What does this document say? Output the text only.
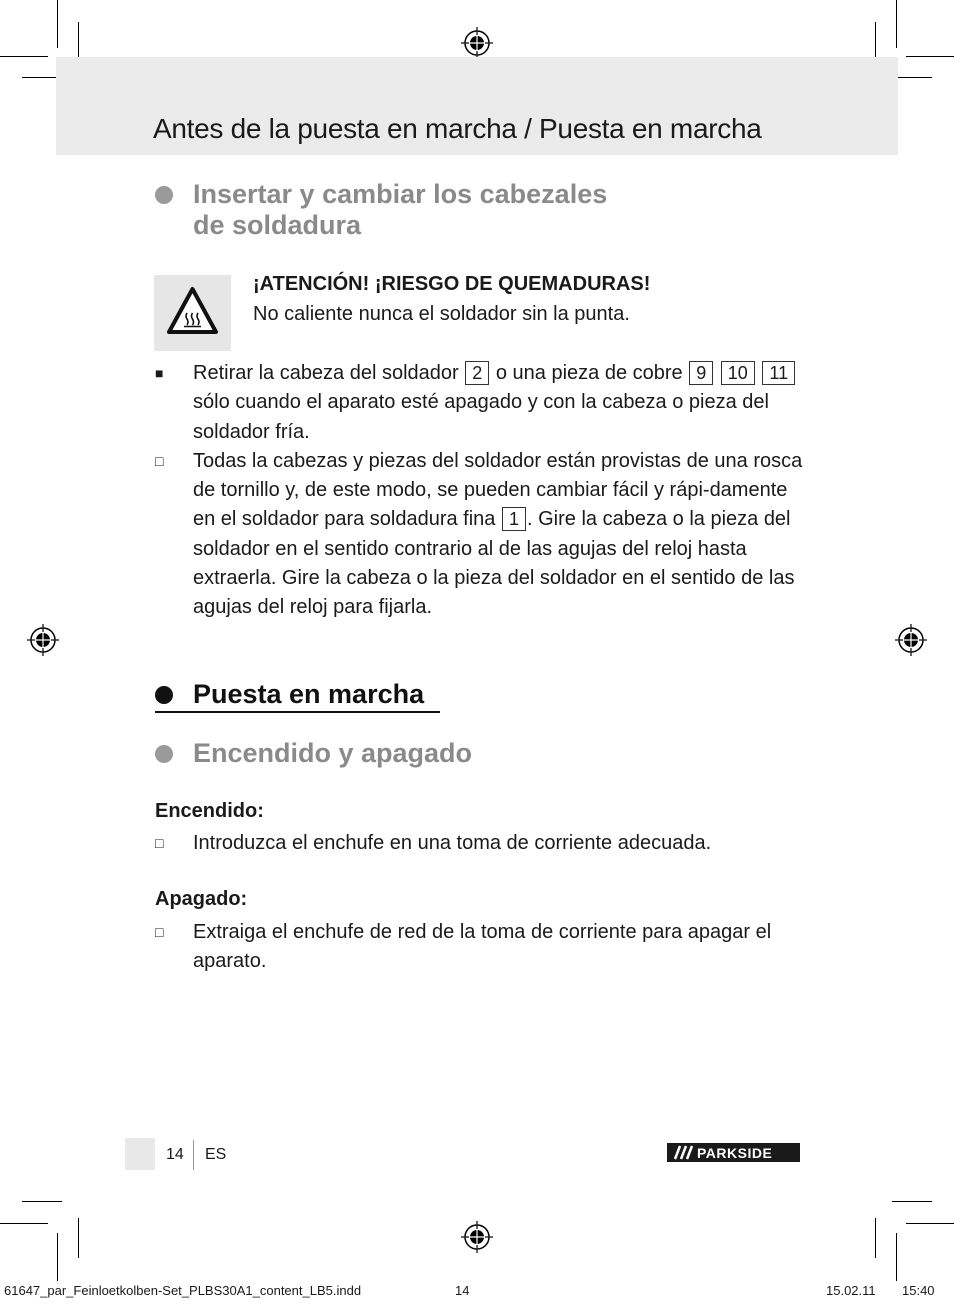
Antes de la puesta en marcha / Puesta en marcha
Insertar y cambiar los cabezales
de soldadura
¡ATENCIÓN! ¡RIESGO DE QUEMADURAS!
No caliente nunca el soldador sin la punta.
■	Retirar la cabeza del soldador 2 o una pieza de cobre 9 10 11 sólo cuando el aparato esté apagado y con la cabeza o pieza del soldador fría.
□	Todas la cabezas y piezas del soldador están provistas de una rosca de tornillo y, de este modo, se pueden cambiar fácil y rápi-damente en el soldador para soldadura fina 1 . Gire la cabeza o la pieza del soldador en el sentido contrario al de las agujas del reloj hasta extraerla. Gire la cabeza o la pieza del soldador en el sentido de las agujas del reloj para fijarla.
Puesta en marcha
Encendido y apagado
Encendido:
□	Introduzca el enchufe en una toma de corriente adecuada.
Apagado:
□	Extraiga el enchufe de red de la toma de corriente para apagar el aparato.
14 ES	PARKSIDE
61647_par_Feinloetkolben-Set_PLBS30A1_content_LB5.indd	14	15.02.11 15:40
